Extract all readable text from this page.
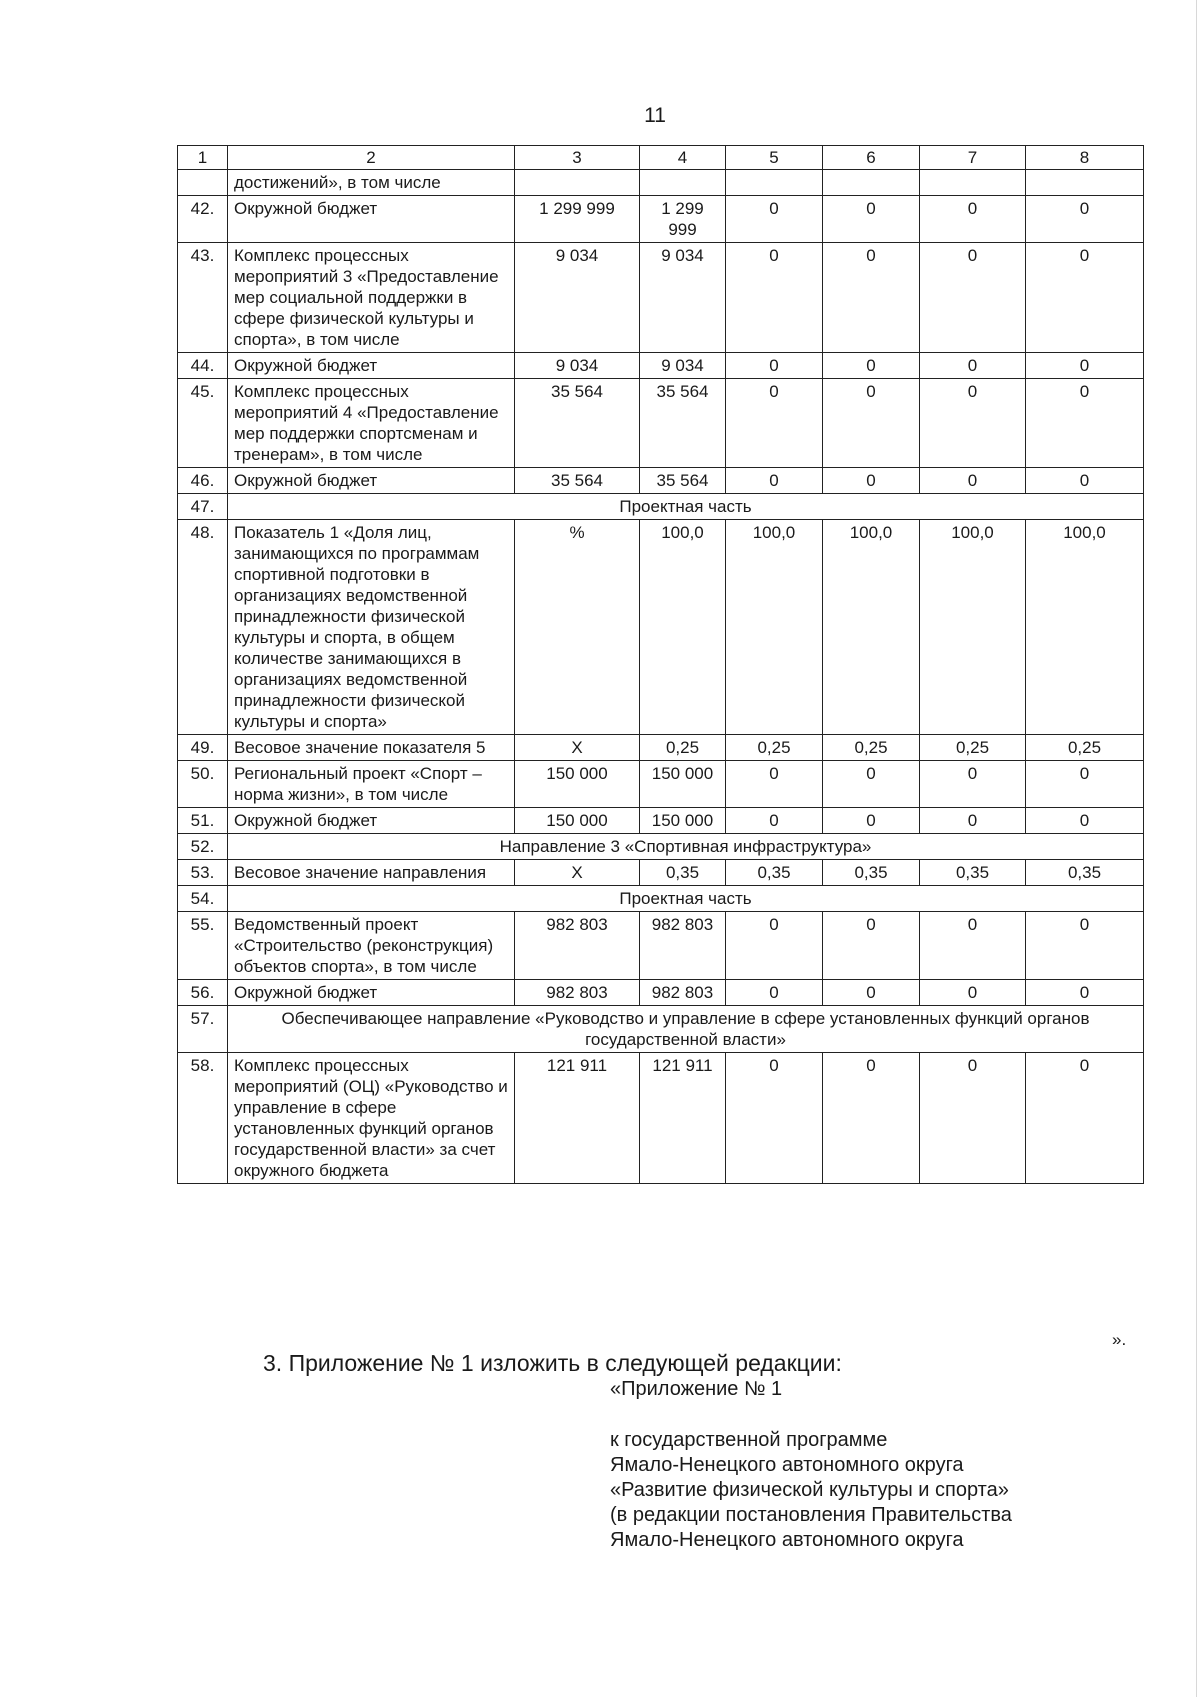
11
1	2	3	4	5	6	7	8
	достижений», в том числе						
42.	Окружной бюджет	1 299 999	1 299 999	0	0	0	0
43.	Комплекс процессных мероприятий 3 «Предоставление мер социальной поддержки в сфере физической культуры и спорта», в том числе	9 034	9 034	0	0	0	0
44.	Окружной бюджет	9 034	9 034	0	0	0	0
45.	Комплекс процессных мероприятий 4 «Предоставление мер поддержки спортсменам и тренерам», в том числе	35 564	35 564	0	0	0	0
46.	Окружной бюджет	35 564	35 564	0	0	0	0
47.	Проектная часть						
48.	Показатель 1 «Доля лиц, занимающихся по программам спортивной подготовки в организациях ведомственной принадлежности физической культуры и спорта, в общем количестве занимающихся в организациях ведомственной принадлежности физической культуры и спорта»	%	100,0	100,0	100,0	100,0	100,0
49.	Весовое значение показателя 5	X	0,25	0,25	0,25	0,25	0,25
50.	Региональный проект «Спорт – норма жизни», в том числе	150 000	150 000	0	0	0	0
51.	Окружной бюджет	150 000	150 000	0	0	0	0
52.	Направление 3 «Спортивная инфраструктура»						
53.	Весовое значение направления	X	0,35	0,35	0,35	0,35	0,35
54.	Проектная часть						
55.	Ведомственный проект «Строительство (реконструкция) объектов спорта», в том числе	982 803	982 803	0	0	0	0
56.	Окружной бюджет	982 803	982 803	0	0	0	0
57.	Обеспечивающее направление «Руководство и управление в сфере установленных функций органов государственной власти»						
58.	Комплекс процессных мероприятий (ОЦ) «Руководство и управление в сфере установленных функций органов государственной власти» за счет окружного бюджета	121 911	121 911	0	0	0	0
».
3. Приложение № 1 изложить в следующей редакции:
«Приложение № 1
к государственной программе
Ямало-Ненецкого автономного округа
«Развитие физической культуры и спорта»
(в редакции постановления Правительства
Ямало-Ненецкого автономного округа
